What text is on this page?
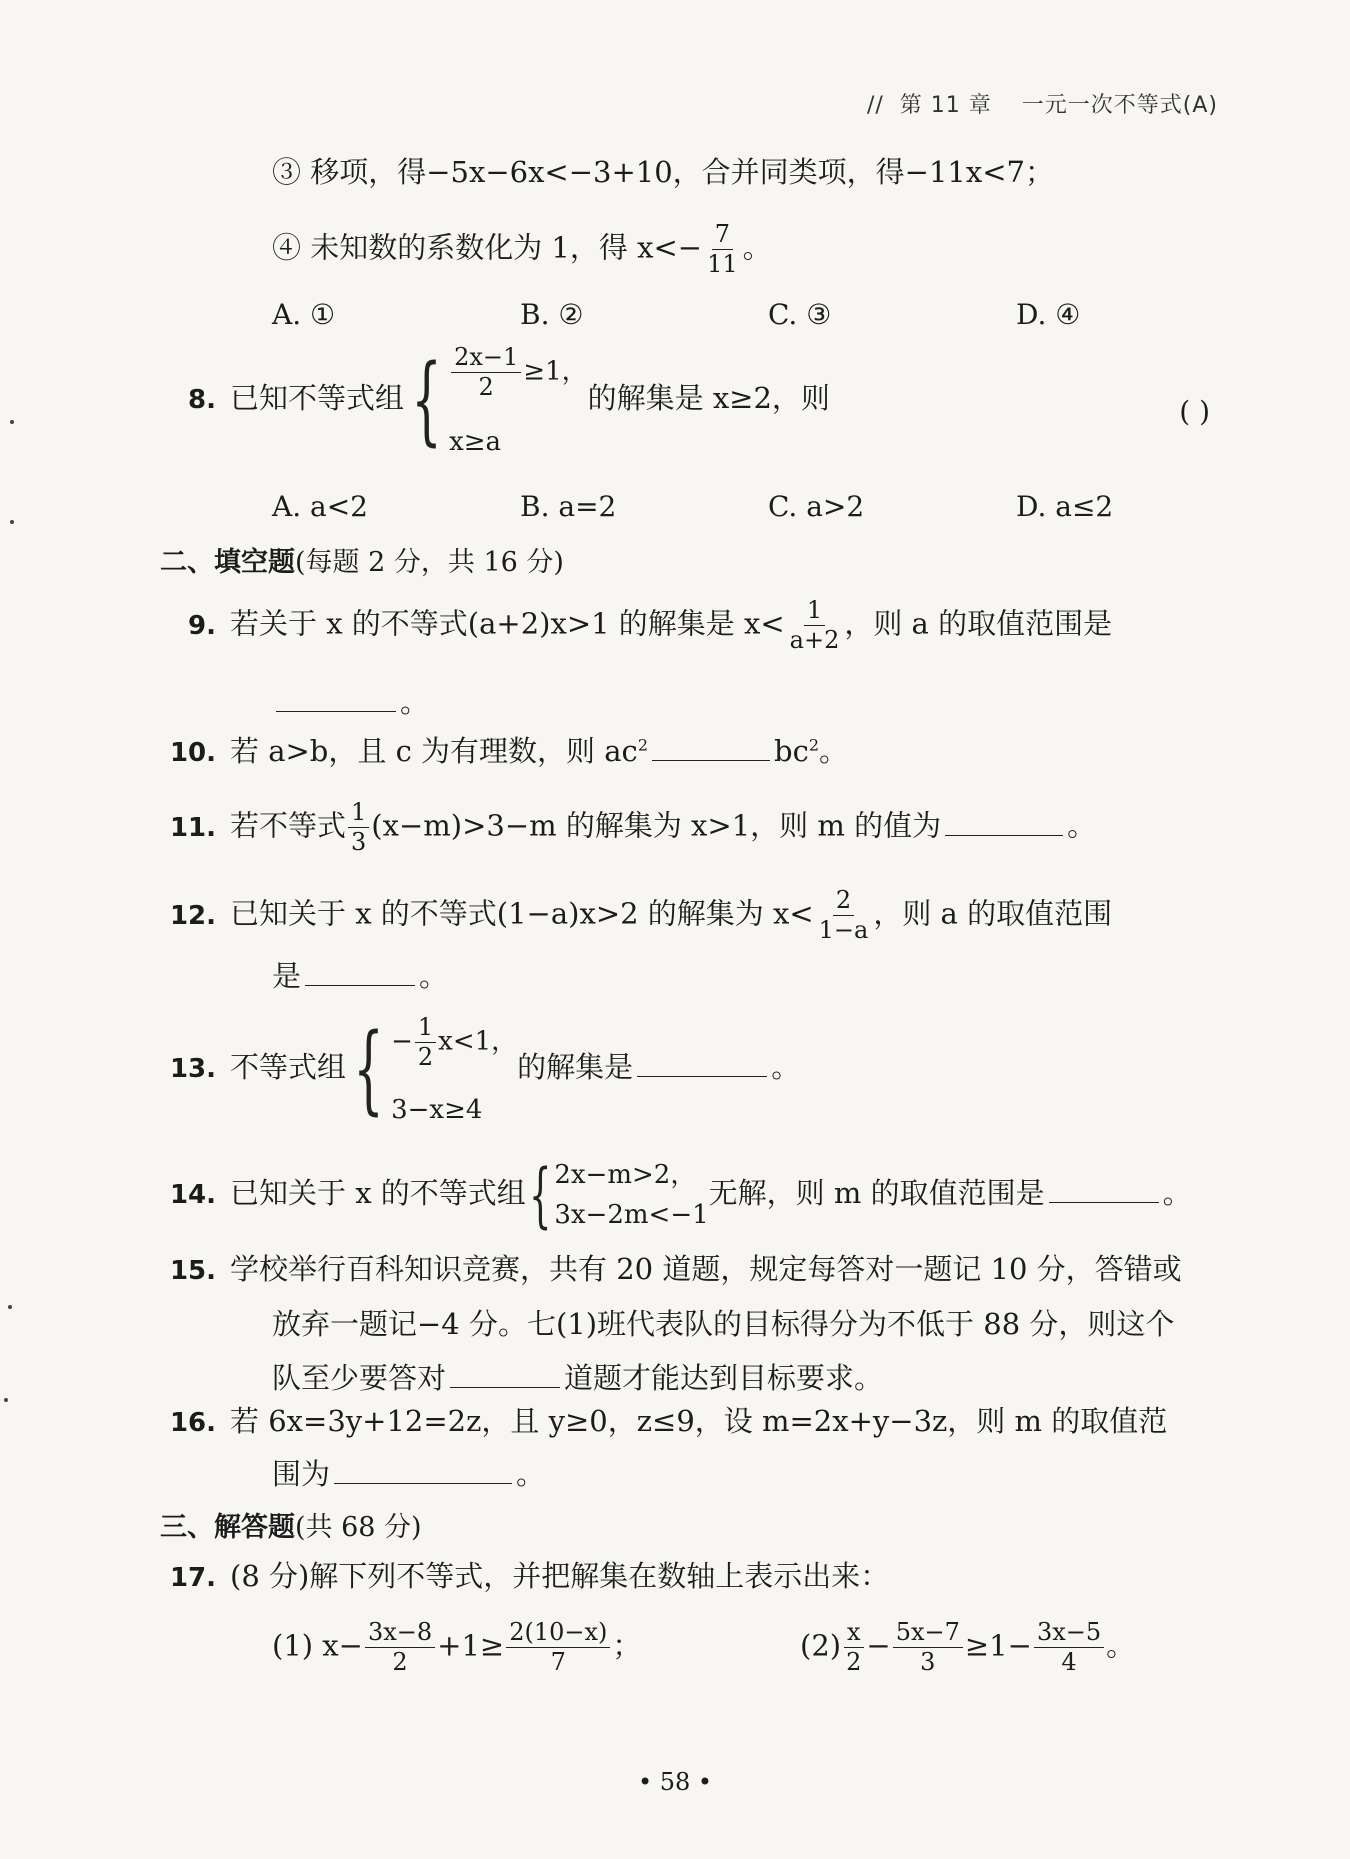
// 第 11 章 一元一次不等式(A)
③ 移项，得−5x−6x<−3+10，合并同类项，得−11x<7；
④ 未知数的系数化为 1，得 $x<- \frac{7}{11}$ 。
A. ①	B. ②	C. ③	D. ④
8. 已知不等式组 { $\frac{2x-1}{2} \ge 1$，
x≥a
的解集是 x≥2，则	( )
A. a<2	B. a=2	C. a>2	D. a≤2
二、填空题(每题 2 分，共 16 分)
9. 若关于 x 的不等式(a+2)x>1 的解集是 $x< \frac{1}{a+2}$ ，则 a 的取值范围是
。
10. 若 a>b，且 c 为有理数，则 $ac^2$	$bc^2$。
11. 若不等式 $\frac{1}{3} (x-m)>3-m$ 的解集为 x>1，则 m 的值为	。
12. 已知关于 x 的不等式(1−a)x>2 的解集为 $x< \frac{2}{1-a}$ ，则 a 的取值范围
是	。
13. 不等式组 { − $\frac{1}{2} x<1$，
3−x≥4
的解集是	。
14. 已知关于 x 的不等式组 { 2x−m>2，
3x−2m<−1
无解，则 m 的取值范围是	。
15. 学校举行百科知识竞赛，共有 20 道题，规定每答对一题记 10 分，答错或
放弃一题记−4 分。七(1)班代表队的目标得分为不低于 88 分，则这个
队至少要答对	道题才能达到目标要求。
16. 若 6x=3y+12=2z，且 y≥0，z≤9，设 m=2x+y−3z，则 m 的取值范
围为	。
三、解答题(共 68 分)
17. (8 分)解下列不等式，并把解集在数轴上表示出来：
(1) $x- \frac{3x-8}{2} +1\ge \frac{2(10-x)}{7}$ ；	$(2) \frac{x}{2} - \frac{5x-7}{3} \ge 1- \frac{3x-5}{4}$ 。
• 58 •
